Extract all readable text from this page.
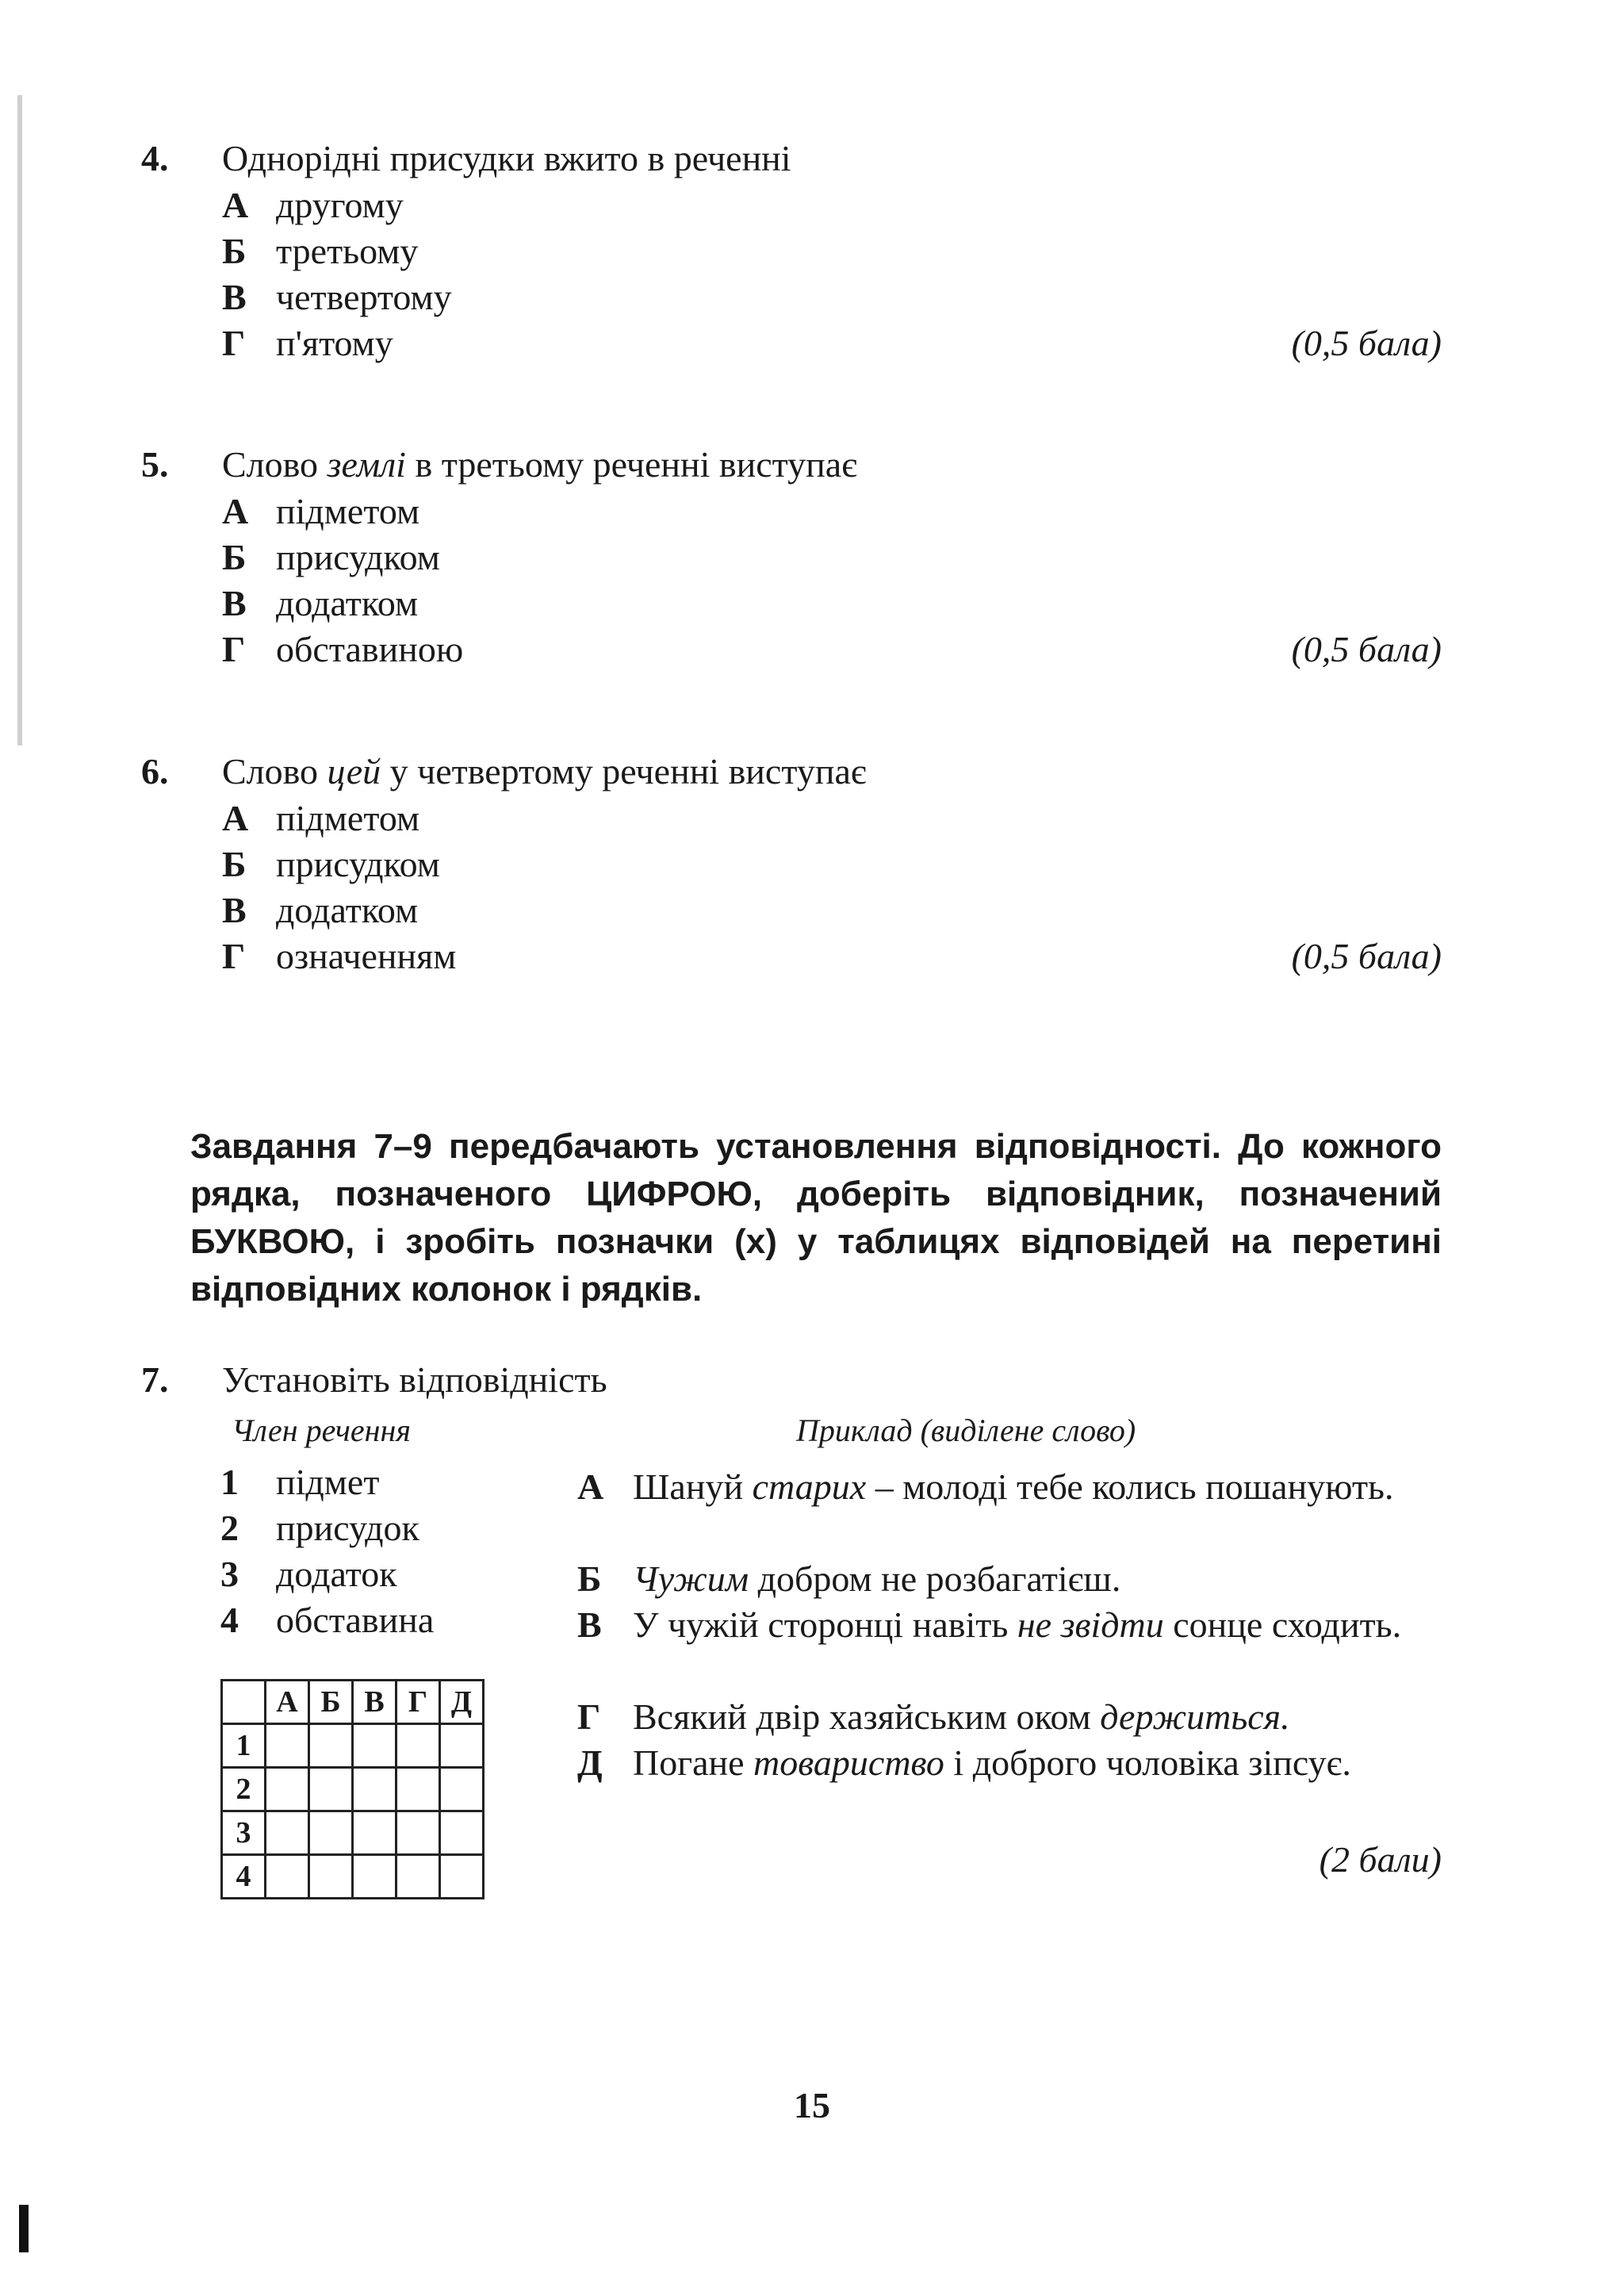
4. Однорідні присудки вжито в реченні
А другому
Б третьому
В четвертому
Г п'ятому	(0,5 бала)
5. Слово землі в третьому реченні виступає
А підметом
Б присудком
В додатком
Г обставиною	(0,5 бала)
6. Слово цей у четвертому реченні виступає
А підметом
Б присудком
В додатком
Г означенням	(0,5 бала)
Завдання 7–9 передбачають установлення відповідності. До кожного рядка, позначеного ЦИФРОЮ, доберіть відповідник, позначений БУКВОЮ, і зробіть позначки (х) у таблицях відповідей на перетині відповідних колонок і рядків.
7. Установіть відповідність
Член речення	Приклад (виділене слово)
1 підмет
2 присудок
3 додаток
4 обставина
А Шануй старих – молоді тебе колись пошанують.
Б Чужим добром не розбагатієш.
В У чужій сторонці навіть не звідти сонце сходить.
Г Всякий двір хазяйським оком держиться.
Д Погане товариство і доброго чоловіка зіпсує.
(2 бали)
	А	Б	В	Г	Д
1					
2					
3					
4					
15
